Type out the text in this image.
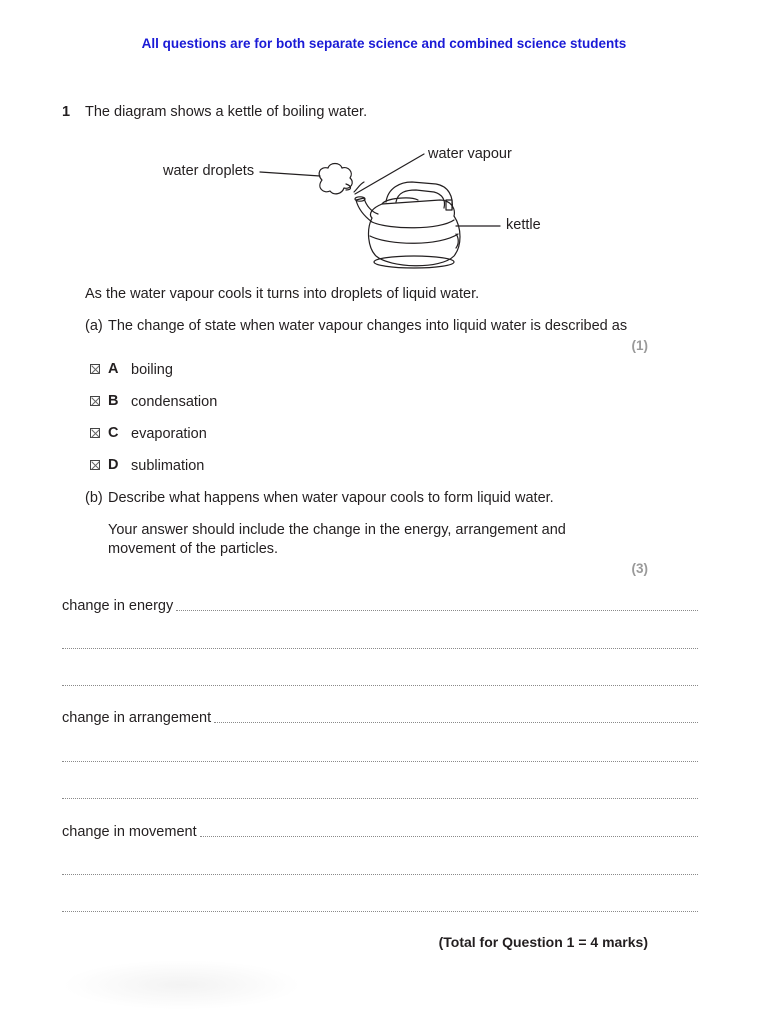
All questions are for both separate science and combined science students
1 The diagram shows a kettle of boiling water.
water droplets
water vapour
kettle
As the water vapour cools it turns into droplets of liquid water.
(a) The change of state when water vapour changes into liquid water is described as
(1)
A boiling
B condensation
C evaporation
D sublimation
(b) Describe what happens when water vapour cools to form liquid water.
Your answer should include the change in the energy, arrangement and
movement of the particles.
(3)
change in energy
change in arrangement
change in movement
(Total for Question 1 = 4 marks)
